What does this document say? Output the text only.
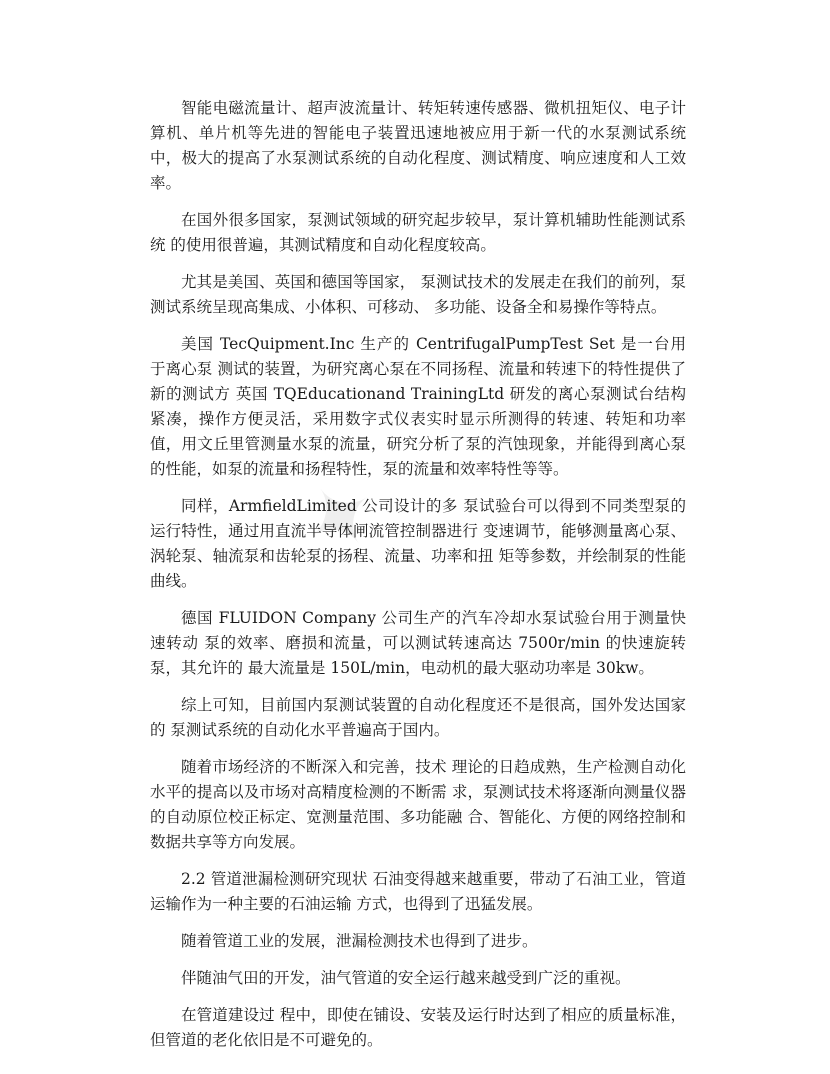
✦

智能电磁流量计、超声波流量计、转矩转速传感器、微机扭矩仪、电子计算机、单片机等先进的智能电子装置迅速地被应用于新一代的水泵测试系统中，极大的提高了水泵测试系统的自动化程度、测试精度、响应速度和人工效率。

在国外很多国家，泵测试领域的研究起步较早，泵计算机辅助性能测试系统 的使用很普遍，其测试精度和自动化程度较高。

尤其是美国、英国和德国等国家， 泵测试技术的发展走在我们的前列，泵测试系统呈现高集成、小体积、可移动、 多功能、设备全和易操作等特点。

美国 TecQuipment.Inc 生产的 CentrifugalPumpTest Set 是一台用于离心泵 测试的装置，为研究离心泵在不同扬程、流量和转速下的特性提供了新的测试方 英国 TQEducationand TrainingLtd 研发的离心泵测试台结构紧凑，操作方便灵活，采用数字式仪表实时显示所测得的转速、转矩和功率值，用文丘里管测量水泵的流量，研究分析了泵的汽蚀现象，并能得到离心泵的性能，如泵的流量和扬程特性，泵的流量和效率特性等等。

同样，ArmfieldLimited 公司设计的多 泵试验台可以得到不同类型泵的运行特性，通过用直流半导体闸流管控制器进行 变速调节，能够测量离心泵、涡轮泵、轴流泵和齿轮泵的扬程、流量、功率和扭 矩等参数，并绘制泵的性能曲线。

德国 FLUIDON Company 公司生产的汽车冷却水泵试验台用于测量快速转动 泵的效率、磨损和流量，可以测试转速高达 7500r/min 的快速旋转泵，其允许的 最大流量是 150L/min，电动机的最大驱动功率是 30kw。

综上可知，目前国内泵测试装置的自动化程度还不是很高，国外发达国家的 泵测试系统的自动化水平普遍高于国内。

随着市场经济的不断深入和完善，技术 理论的日趋成熟，生产检测自动化水平的提高以及市场对高精度检测的不断需 求，泵测试技术将逐渐向测量仪器的自动原位校正标定、宽测量范围、多功能融 合、智能化、方便的网络控制和数据共享等方向发展。

2.2 管道泄漏检测研究现状 石油变得越来越重要，带动了石油工业，管道运输作为一种主要的石油运输 方式，也得到了迅猛发展。

随着管道工业的发展，泄漏检测技术也得到了进步。

伴随油气田的开发，油气管道的安全运行越来越受到广泛的重视。

在管道建设过 程中，即使在铺设、安装及运行时达到了相应的质量标准，但管道的老化依旧是不可避免的。
